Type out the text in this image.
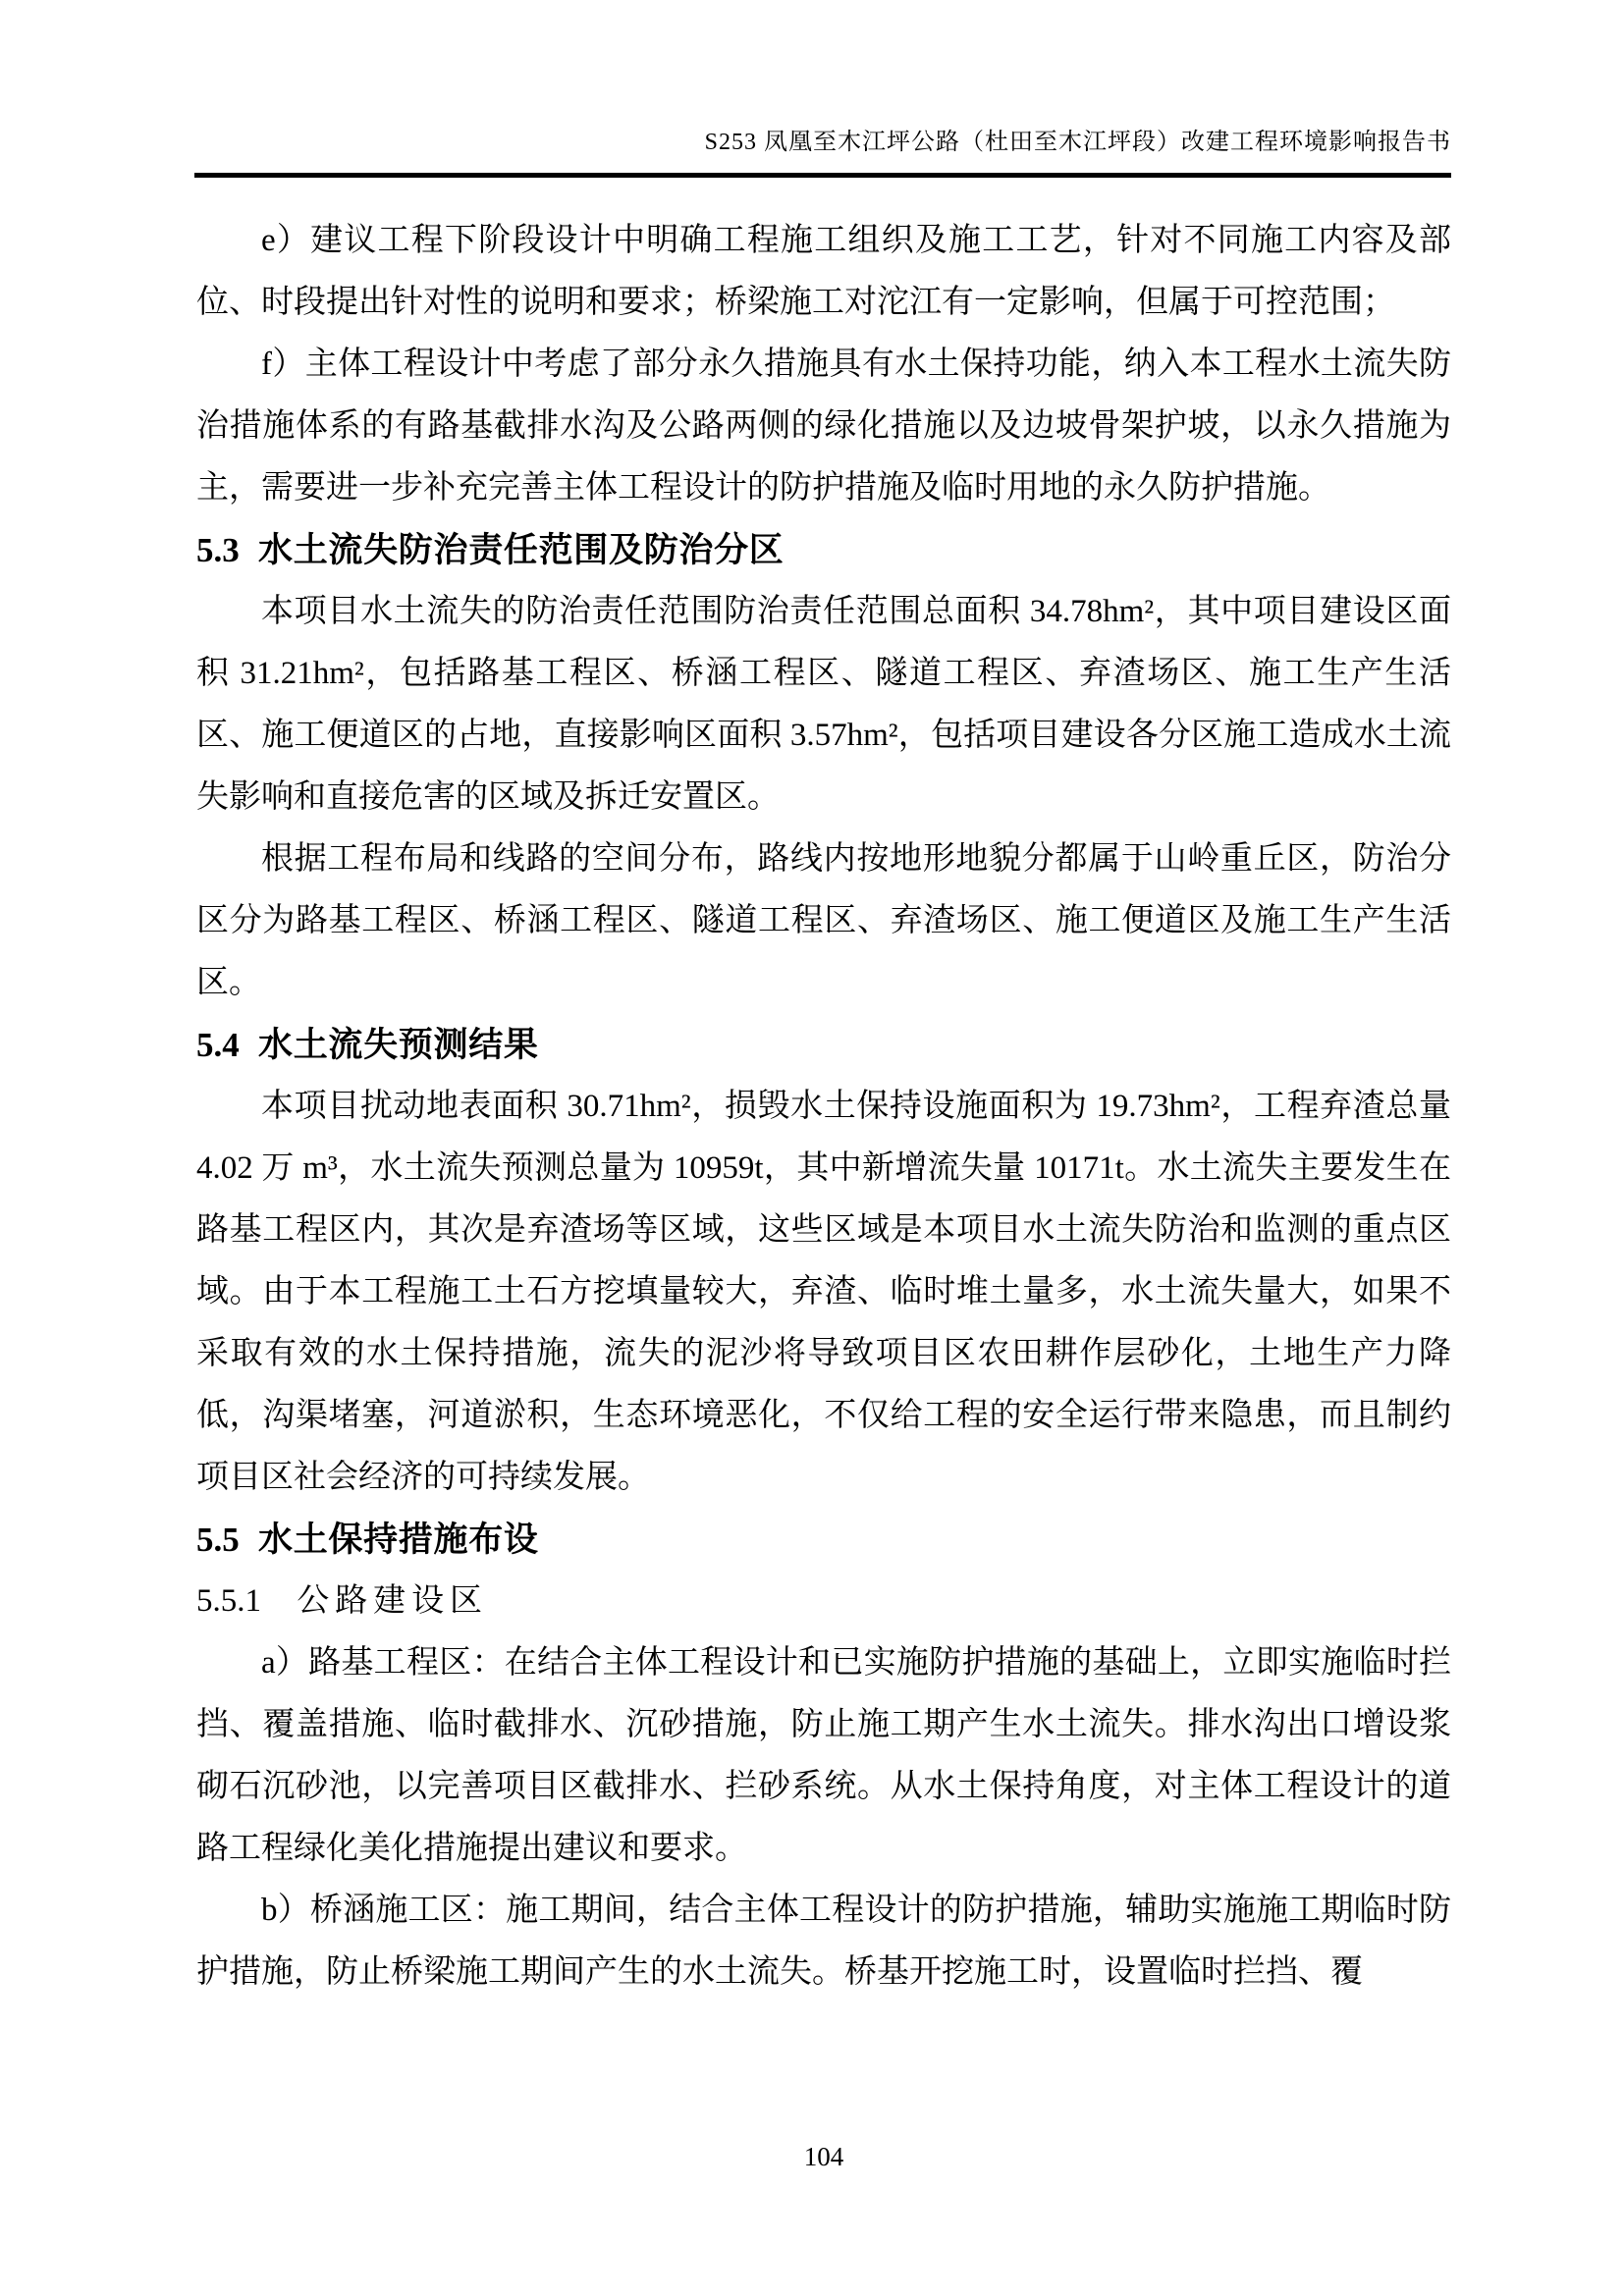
S253 凤凰至木江坪公路（杜田至木江坪段）改建工程环境影响报告书

e）建议工程下阶段设计中明确工程施工组织及施工工艺，针对不同施工内容及部位、时段提出针对性的说明和要求；桥梁施工对沱江有一定影响，但属于可控范围；

f）主体工程设计中考虑了部分永久措施具有水土保持功能，纳入本工程水土流失防治措施体系的有路基截排水沟及公路两侧的绿化措施以及边坡骨架护坡，以永久措施为主，需要进一步补充完善主体工程设计的防护措施及临时用地的永久防护措施。

5.3 水土流失防治责任范围及防治分区

本项目水土流失的防治责任范围防治责任范围总面积 34.78hm²，其中项目建设区面积 31.21hm²，包括路基工程区、桥涵工程区、隧道工程区、弃渣场区、施工生产生活区、施工便道区的占地，直接影响区面积 3.57hm²，包括项目建设各分区施工造成水土流失影响和直接危害的区域及拆迁安置区。

根据工程布局和线路的空间分布，路线内按地形地貌分都属于山岭重丘区，防治分区分为路基工程区、桥涵工程区、隧道工程区、弃渣场区、施工便道区及施工生产生活区。

5.4 水土流失预测结果

本项目扰动地表面积 30.71hm²，损毁水土保持设施面积为 19.73hm²，工程弃渣总量 4.02 万 m³，水土流失预测总量为 10959t，其中新增流失量 10171t。水土流失主要发生在路基工程区内，其次是弃渣场等区域，这些区域是本项目水土流失防治和监测的重点区域。由于本工程施工土石方挖填量较大，弃渣、临时堆土量多，水土流失量大，如果不采取有效的水土保持措施，流失的泥沙将导致项目区农田耕作层砂化，土地生产力降低，沟渠堵塞，河道淤积，生态环境恶化，不仅给工程的安全运行带来隐患，而且制约项目区社会经济的可持续发展。

5.5 水土保持措施布设
5.5.1 公路建设区

a）路基工程区：在结合主体工程设计和已实施防护措施的基础上，立即实施临时拦挡、覆盖措施、临时截排水、沉砂措施，防止施工期产生水土流失。排水沟出口增设浆砌石沉砂池，以完善项目区截排水、拦砂系统。从水土保持角度，对主体工程设计的道路工程绿化美化措施提出建议和要求。

b）桥涵施工区：施工期间，结合主体工程设计的防护措施，辅助实施施工期临时防护措施，防止桥梁施工期间产生的水土流失。桥基开挖施工时，设置临时拦挡、覆

104
